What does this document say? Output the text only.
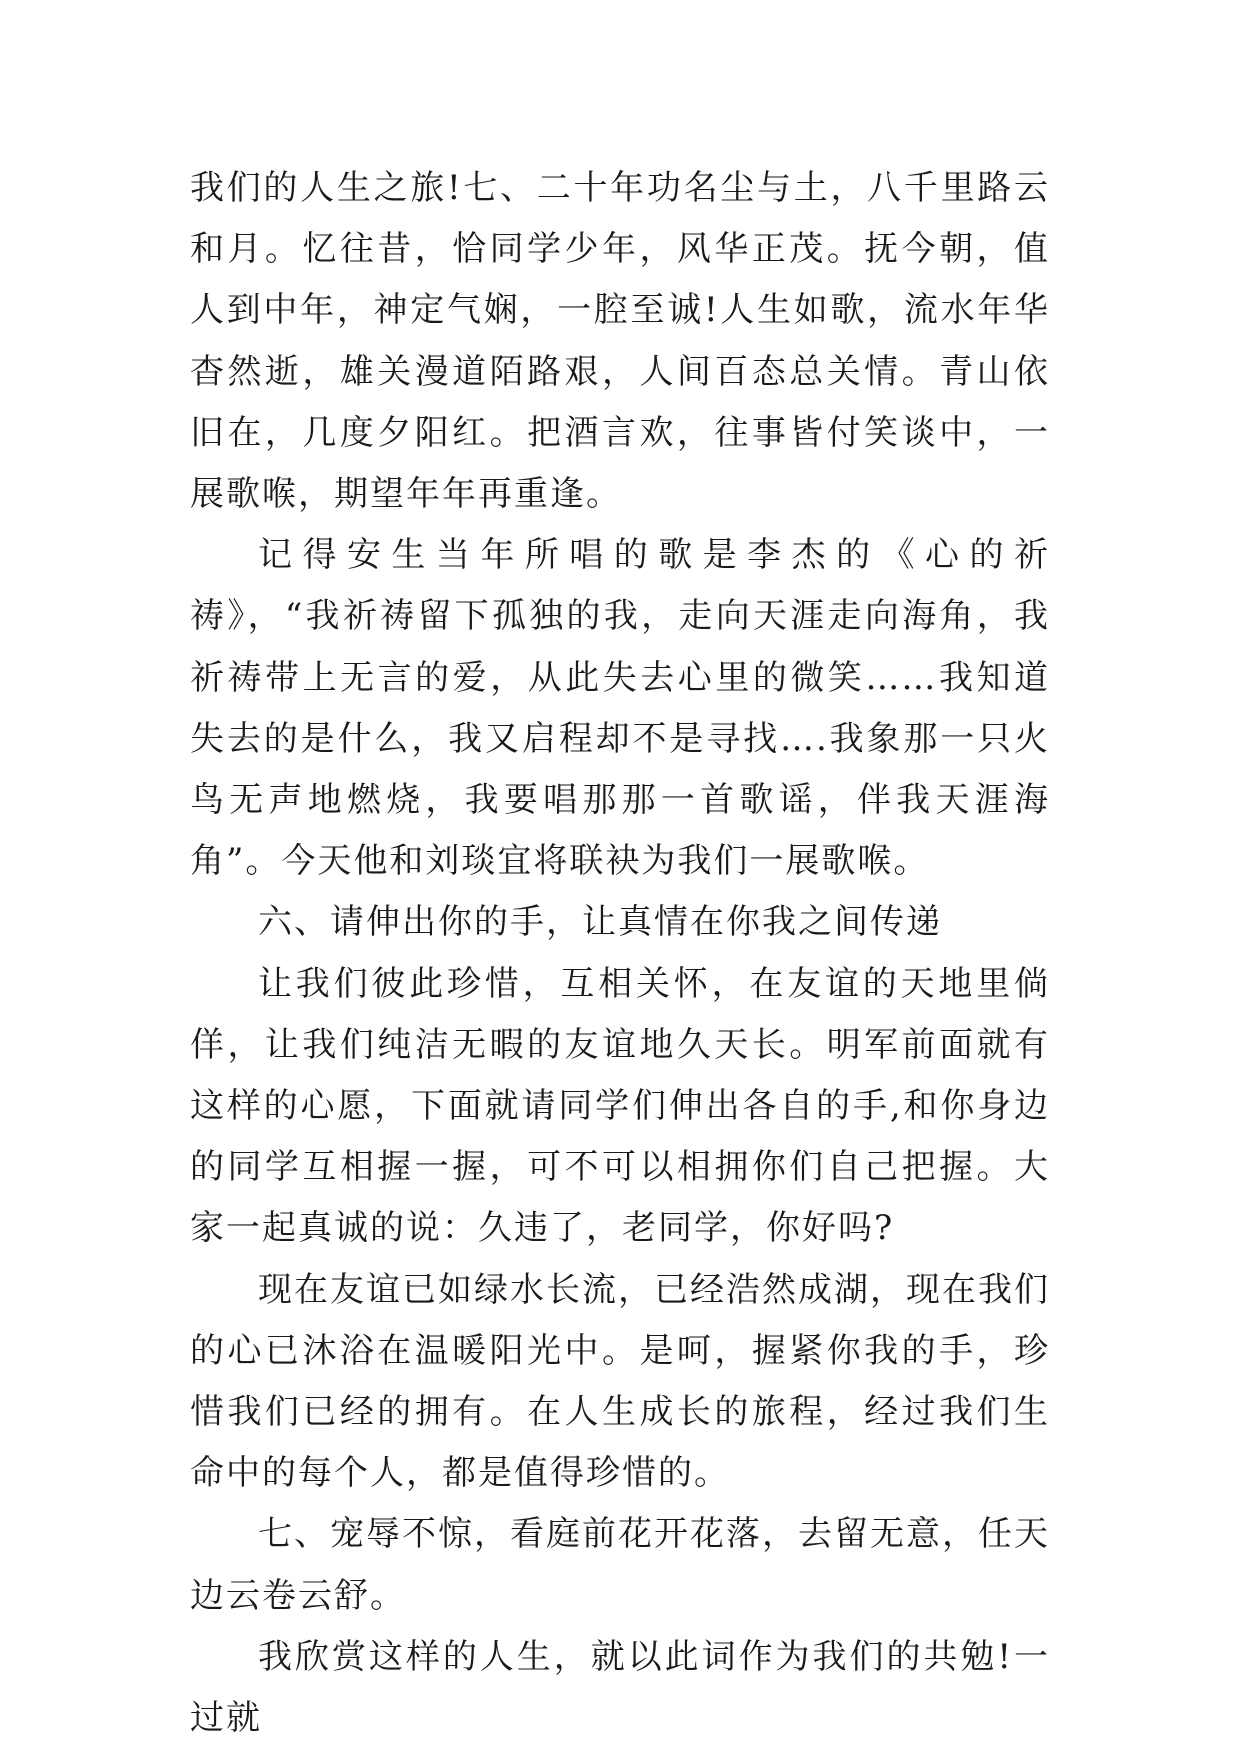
我们的人生之旅!七、二十年功名尘与土，八千里路云和月。忆往昔，恰同学少年，风华正茂。抚今朝，值人到中年，神定气娴，一腔至诚!人生如歌，流水年华杳然逝，雄关漫道陌路艰，人间百态总关情。青山依旧在，几度夕阳红。把酒言欢，往事皆付笑谈中，一展歌喉，期望年年再重逢。

记得安生当年所唱的歌是李杰的《心的祈祷》，“我祈祷留下孤独的我，走向天涯走向海角，我祈祷带上无言的爱，从此失去心里的微笑……我知道失去的是什么，我又启程却不是寻找….我象那一只火鸟无声地燃烧，我要唱那那一首歌谣，伴我天涯海角”。今天他和刘琰宜将联袂为我们一展歌喉。

六、请伸出你的手，让真情在你我之间传递

让我们彼此珍惜，互相关怀，在友谊的天地里倘佯，让我们纯洁无暇的友谊地久天长。明军前面就有这样的心愿，下面就请同学们伸出各自的手,和你身边的同学互相握一握，可不可以相拥你们自己把握。大家一起真诚的说：久违了，老同学，你好吗?

现在友谊已如绿水长流，已经浩然成湖，现在我们的心已沐浴在温暖阳光中。是呵，握紧你我的手，珍惜我们已经的拥有。在人生成长的旅程，经过我们生命中的每个人，都是值得珍惜的。

七、宠辱不惊，看庭前花开花落，去留无意，任天边云卷云舒。

我欣赏这样的人生，就以此词作为我们的共勉!一过就
